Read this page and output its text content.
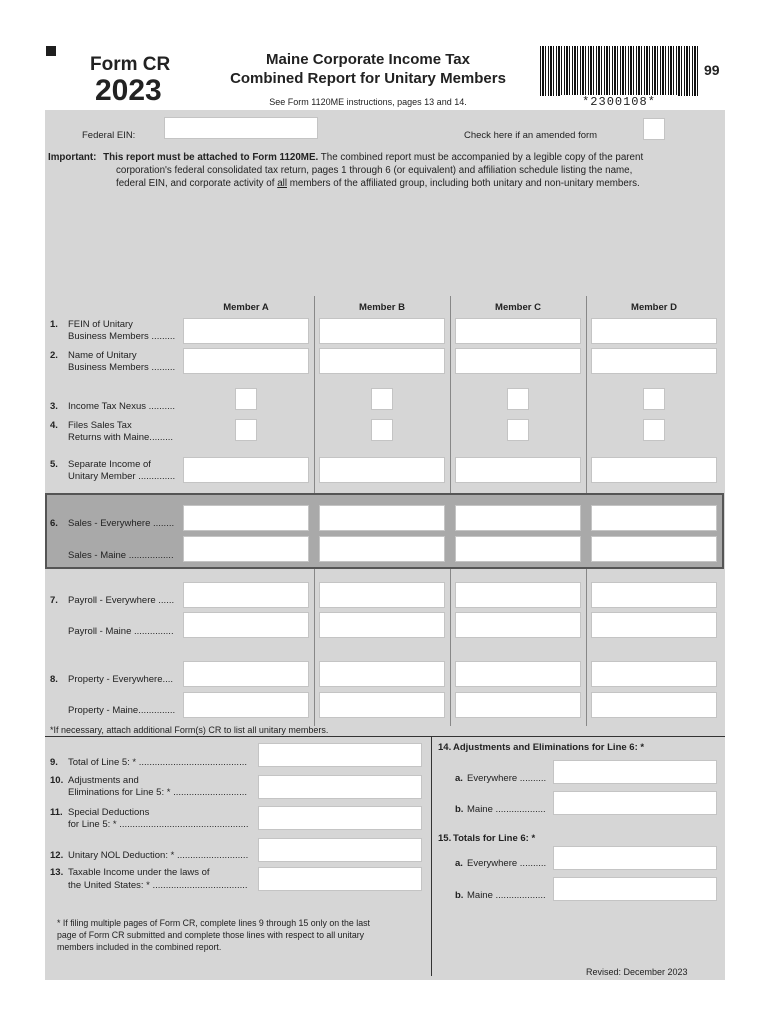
Form CR
2023
Maine Corporate Income Tax
Combined Report for Unitary Members
See Form 1120ME instructions, pages 13 and 14.	*2300108*
99
Federal EIN:	Check here if an amended form
Important: This report must be attached to Form 1120ME. The combined report must be accompanied by a legible copy of the parent
corporation's federal consolidated tax return, pages 1 through 6 (or equivalent) and affiliation schedule listing the name,
federal EIN, and corporate activity of all members of the affiliated group, including both unitary and non-unitary members.
Member A	Member B	Member C	Member D
1. FEIN of Unitary
Business Members .........
2. Name of Unitary
Business Members .........
3. Income Tax Nexus ..........
4. Files Sales Tax
Returns with Maine.........
5. Separate Income of
Unitary Member ..............
6. Sales - Everywhere ........
Sales - Maine .................
7. Payroll - Everywhere ......
Payroll - Maine ...............
8. Property - Everywhere....
Property - Maine..............
*If necessary, attach additional Form(s) CR to list all unitary members.
9. Total of Line 5: * .........................................
10. Adjustments and
Eliminations for Line 5: * ............................
11. Special Deductions
for Line 5: * .................................................
12. Unitary NOL Deduction: * ...........................
13. Taxable Income under the laws of
the United States: * ....................................
* If filing multiple pages of Form CR, complete lines 9 through 15 only on the last
page of Form CR submitted and complete those lines with respect to all unitary
members included in the combined report.
14. Adjustments and Eliminations for Line 6: *
a. Everywhere ..........
b. Maine ...................
15. Totals for Line 6: *
a. Everywhere ..........
b. Maine ...................
Revised: December 2023
